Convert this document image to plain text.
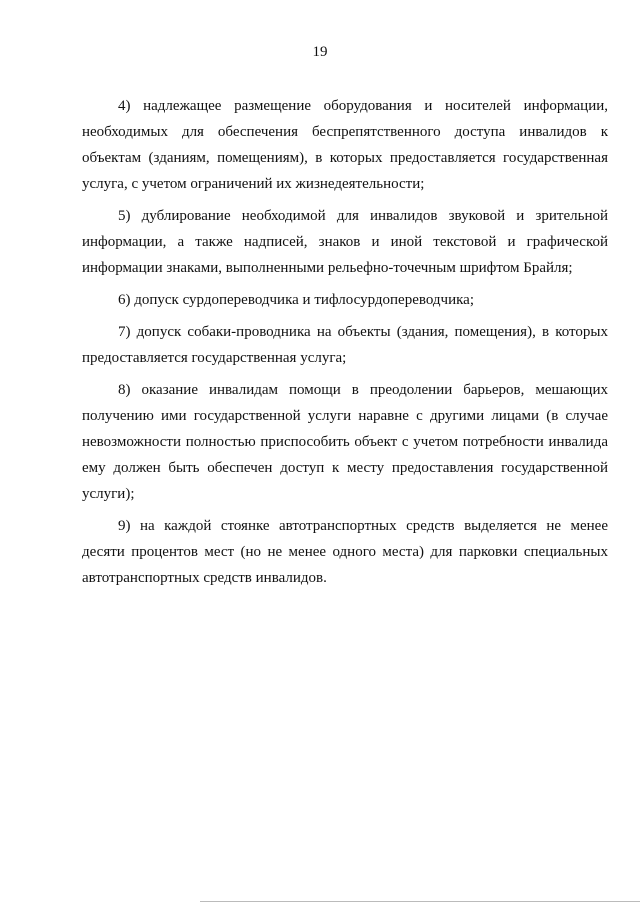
19

4) надлежащее размещение оборудования и носителей информации, необходимых для обеспечения беспрепятственного доступа инвалидов к объектам (зданиям, помещениям), в которых предоставляется государственная услуга, с учетом ограничений их жизнедеятельности;

5) дублирование необходимой для инвалидов звуковой и зрительной информации, а также надписей, знаков и иной текстовой и графической информации знаками, выполненными рельефно-точечным шрифтом Брайля;

6) допуск сурдопереводчика и тифлосурдопереводчика;

7) допуск собаки-проводника на объекты (здания, помещения), в которых предоставляется государственная услуга;

8) оказание инвалидам помощи в преодолении барьеров, мешающих получению ими государственной услуги наравне с другими лицами (в случае невозможности полностью приспособить объект с учетом потребности инвалида ему должен быть обеспечен доступ к месту предоставления государственной услуги);

9) на каждой стоянке автотранспортных средств выделяется не менее десяти процентов мест (но не менее одного места) для парковки специальных автотранспортных средств инвалидов.
